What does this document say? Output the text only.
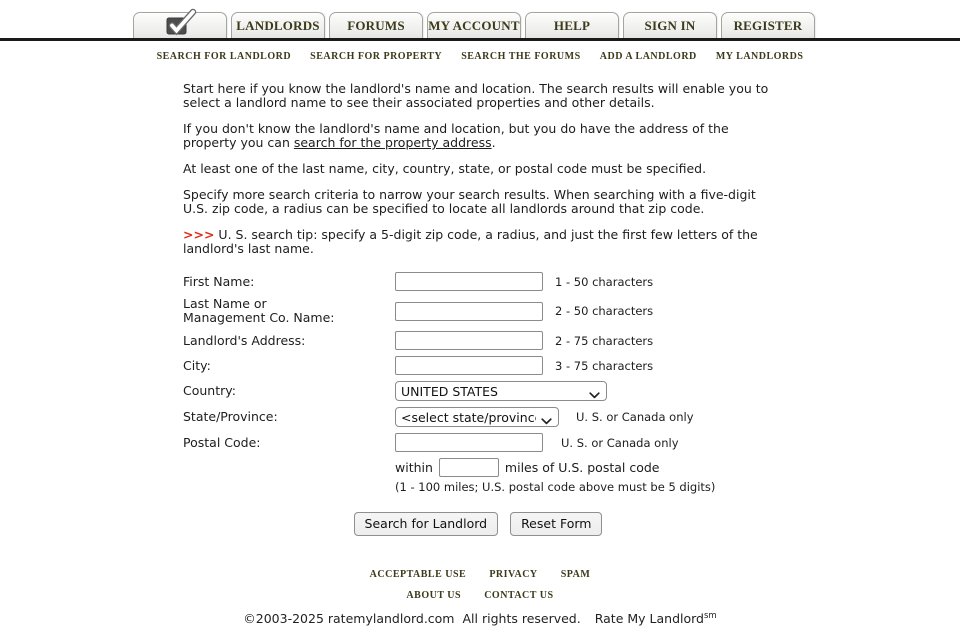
LANDLORDS	FORUMS	MY ACCOUNT	HELP	SIGN IN	REGISTER
SEARCH FOR LANDLORD SEARCH FOR PROPERTY SEARCH THE FORUMS ADD A LANDLORD MY LANDLORDS

Start here if you know the landlord's name and location. The search results will enable you to select a landlord name to see their associated properties and other details.

If you don't know the landlord's name and location, but you do have the address of the property you can search for the property address.

At least one of the last name, city, country, state, or postal code must be specified.

Specify more search criteria to narrow your search results. When searching with a five-digit U.S. zip code, a radius can be specified to locate all landlords around that zip code.

>>> U. S. search tip: specify a 5-digit zip code, a radius, and just the first few letters of the landlord's last name.

First Name:	1 - 50 characters
Last Name or
Management Co. Name:	2 - 50 characters
Landlord's Address:	2 - 75 characters
City:	3 - 75 characters
Country:
UNITED STATES
State/Province:
<select state/province>	U. S. or Canada only
Postal Code:	U. S. or Canada only
within	miles of U.S. postal code
(1 - 100 miles; U.S. postal code above must be 5 digits)
Search for Landlord	Reset Form
ACCEPTABLE USE PRIVACY SPAM
ABOUT US CONTACT US
©2003-2025 ratemylandlord.com All rights reserved. Rate My Landlord$^{sm}$
